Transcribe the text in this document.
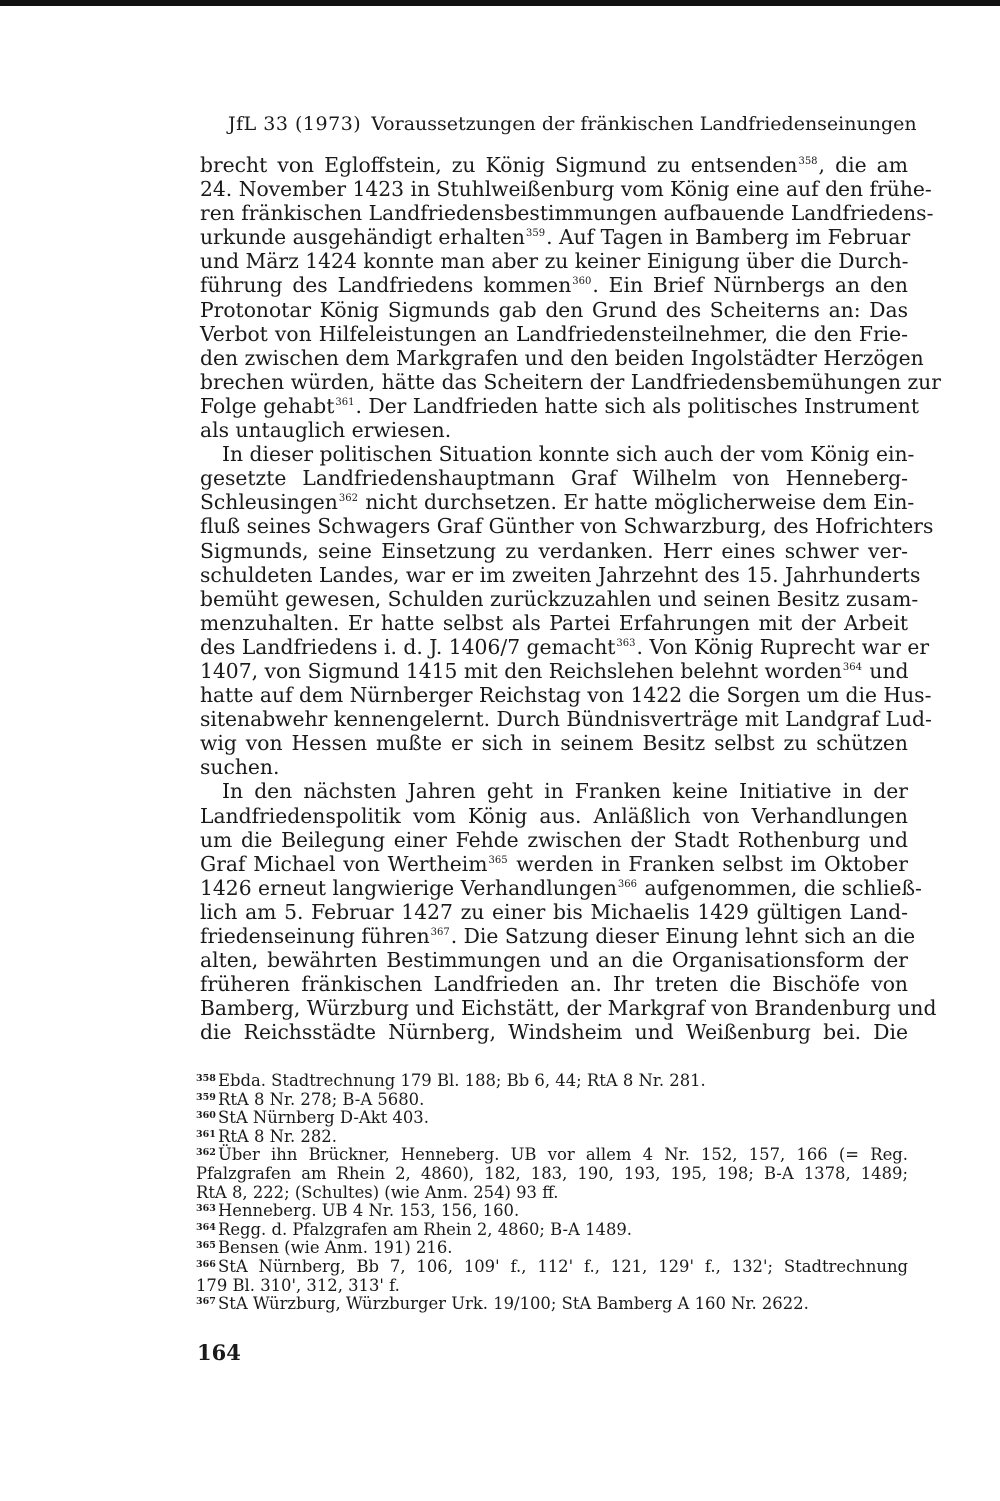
JfL 33 (1973) Voraussetzungen der fränkischen Landfriedenseinungen
brecht von Egloffstein, zu König Sigmund zu entsenden$^{358}$, die am
24. November 1423 in Stuhlweißenburg vom König eine auf den frühe-
ren fränkischen Landfriedensbestimmungen aufbauende Landfriedens-
urkunde ausgehändigt erhalten$^{359}$. Auf Tagen in Bamberg im Februar
und März 1424 konnte man aber zu keiner Einigung über die Durch-
führung des Landfriedens kommen$^{360}$. Ein Brief Nürnbergs an den
Protonotar König Sigmunds gab den Grund des Scheiterns an: Das
Verbot von Hilfeleistungen an Landfriedensteilnehmer, die den Frie-
den zwischen dem Markgrafen und den beiden Ingolstädter Herzögen
brechen würden, hätte das Scheitern der Landfriedensbemühungen zur
Folge gehabt$^{361}$. Der Landfrieden hatte sich als politisches Instrument
als untauglich erwiesen.
In dieser politischen Situation konnte sich auch der vom König ein-
gesetzte Landfriedenshauptmann Graf Wilhelm von Henneberg-
Schleusingen$^{362}$ nicht durchsetzen. Er hatte möglicherweise dem Ein-
fluß seines Schwagers Graf Günther von Schwarzburg, des Hofrichters
Sigmunds, seine Einsetzung zu verdanken. Herr eines schwer ver-
schuldeten Landes, war er im zweiten Jahrzehnt des 15. Jahrhunderts
bemüht gewesen, Schulden zurückzuzahlen und seinen Besitz zusam-
menzuhalten. Er hatte selbst als Partei Erfahrungen mit der Arbeit
des Landfriedens i. d. J. 1406/7 gemacht$^{363}$. Von König Ruprecht war er
1407, von Sigmund 1415 mit den Reichslehen belehnt worden$^{364}$ und
hatte auf dem Nürnberger Reichstag von 1422 die Sorgen um die Hus-
sitenabwehr kennengelernt. Durch Bündnisverträge mit Landgraf Lud-
wig von Hessen mußte er sich in seinem Besitz selbst zu schützen
suchen.
In den nächsten Jahren geht in Franken keine Initiative in der
Landfriedenspolitik vom König aus. Anläßlich von Verhandlungen
um die Beilegung einer Fehde zwischen der Stadt Rothenburg und
Graf Michael von Wertheim$^{365}$ werden in Franken selbst im Oktober
1426 erneut langwierige Verhandlungen$^{366}$ aufgenommen, die schließ-
lich am 5. Februar 1427 zu einer bis Michaelis 1429 gültigen Land-
friedenseinung führen$^{367}$. Die Satzung dieser Einung lehnt sich an die
alten, bewährten Bestimmungen und an die Organisationsform der
früheren fränkischen Landfrieden an. Ihr treten die Bischöfe von
Bamberg, Würzburg und Eichstätt, der Markgraf von Brandenburg und
die Reichsstädte Nürnberg, Windsheim und Weißenburg bei. Die
358 Ebda. Stadtrechnung 179 Bl. 188; Bb 6, 44; RtA 8 Nr. 281.
359 RtA 8 Nr. 278; B-A 5680.
360 StA Nürnberg D-Akt 403.
361 RtA 8 Nr. 282.
362 Über ihn Brückner, Henneberg. UB vor allem 4 Nr. 152, 157, 166 (= Reg.
Pfalzgrafen am Rhein 2, 4860), 182, 183, 190, 193, 195, 198; B-A 1378, 1489;
RtA 8, 222; (Schultes) (wie Anm. 254) 93 ff.
363 Henneberg. UB 4 Nr. 153, 156, 160.
364 Regg. d. Pfalzgrafen am Rhein 2, 4860; B-A 1489.
365 Bensen (wie Anm. 191) 216.
366 StA Nürnberg, Bb 7, 106, 109' f., 112' f., 121, 129' f., 132'; Stadtrechnung
179 Bl. 310', 312, 313' f.
367 StA Würzburg, Würzburger Urk. 19/100; StA Bamberg A 160 Nr. 2622.
164
